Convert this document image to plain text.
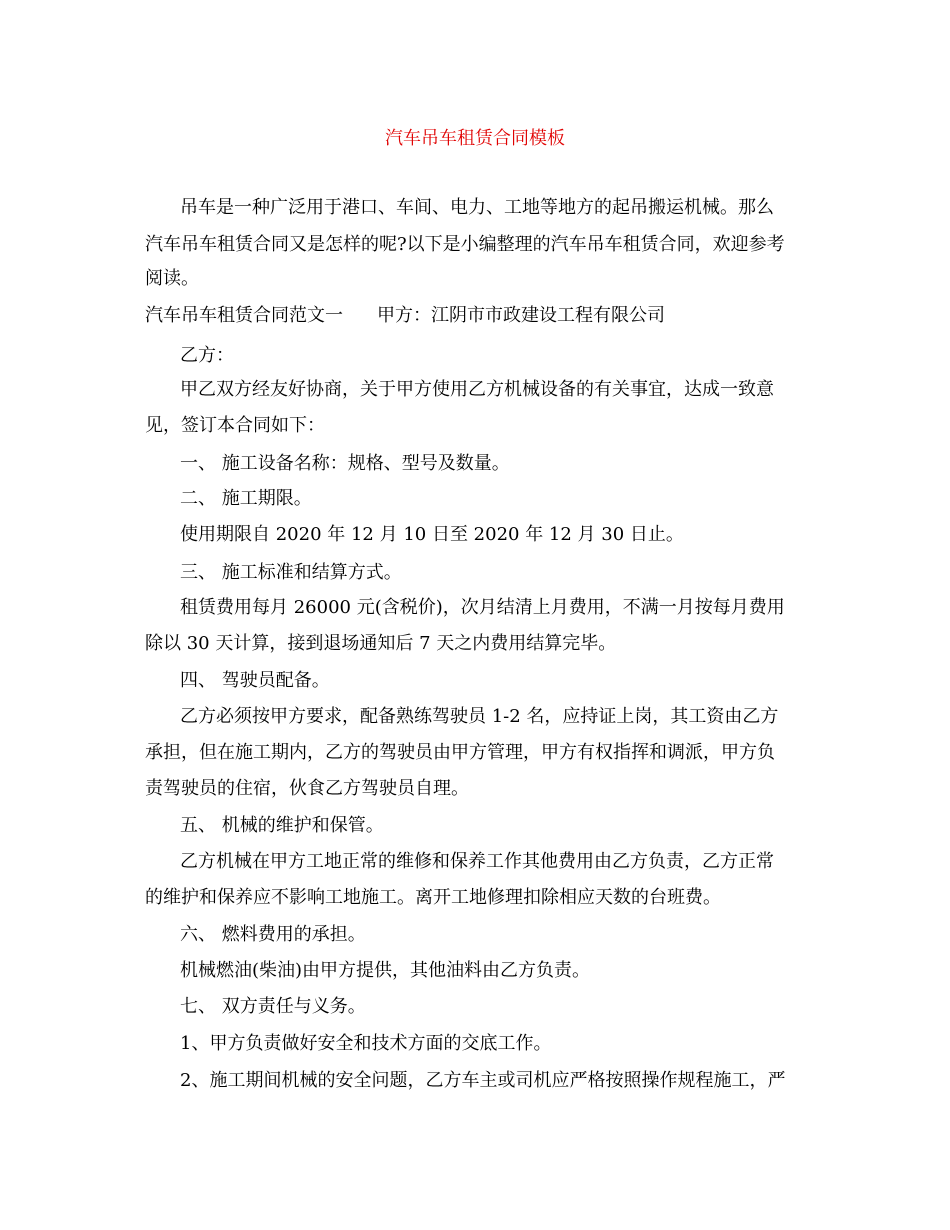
汽车吊车租赁合同模板
吊车是一种广泛用于港口、车间、电力、工地等地方的起吊搬运机械。那么
汽车吊车租赁合同又是怎样的呢?以下是小编整理的汽车吊车租赁合同，欢迎参考
阅读。
汽车吊车租赁合同范文一 甲方：江阴市市政建设工程有限公司
乙方：
甲乙双方经友好协商，关于甲方使用乙方机械设备的有关事宜，达成一致意
见，签订本合同如下：
一、 施工设备名称：规格、型号及数量。
二、 施工期限。
使用期限自 2020 年 12 月 10 日至 2020 年 12 月 30 日止。
三、 施工标准和结算方式。
租赁费用每月 26000 元(含税价)，次月结清上月费用，不满一月按每月费用
除以 30 天计算，接到退场通知后 7 天之内费用结算完毕。
四、 驾驶员配备。
乙方必须按甲方要求，配备熟练驾驶员 1-2 名，应持证上岗，其工资由乙方
承担，但在施工期内，乙方的驾驶员由甲方管理，甲方有权指挥和调派，甲方负
责驾驶员的住宿，伙食乙方驾驶员自理。
五、 机械的维护和保管。
乙方机械在甲方工地正常的维修和保养工作其他费用由乙方负责，乙方正常
的维护和保养应不影响工地施工。离开工地修理扣除相应天数的台班费。
六、 燃料费用的承担。
机械燃油(柴油)由甲方提供，其他油料由乙方负责。
七、 双方责任与义务。
1、甲方负责做好安全和技术方面的交底工作。
2、施工期间机械的安全问题，乙方车主或司机应严格按照操作规程施工，严
